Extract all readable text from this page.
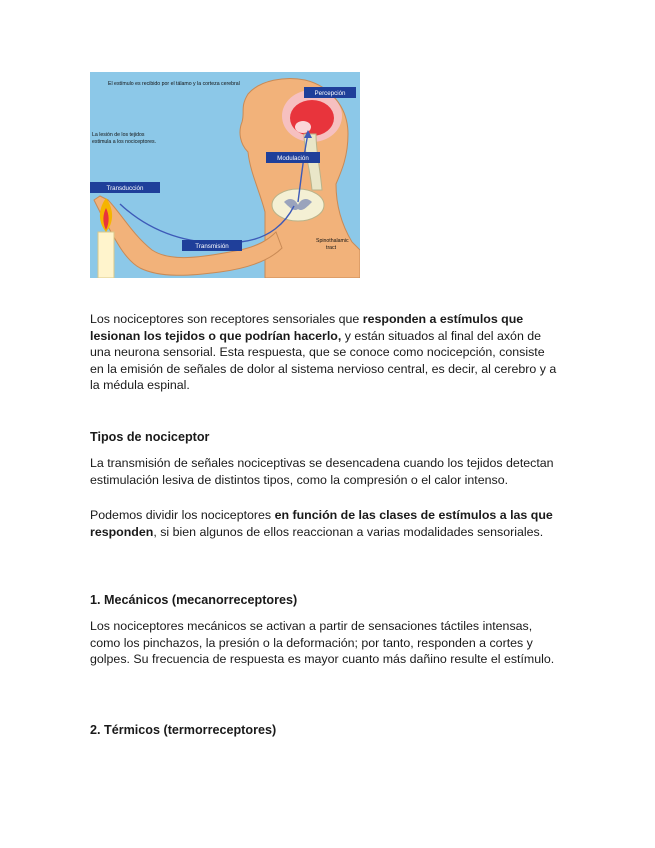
El estímulo es recibido por el tálamo y la corteza cerebral
La lesión de los tejidos
estimula a los nociceptores.
Percepción
Modulación
Transducción
Transmisión
Spinothalamic
tract

Los nociceptores son receptores sensoriales que responden a estímulos que lesionan los tejidos o que podrían hacerlo, y están situados al final del axón de una neurona sensorial. Esta respuesta, que se conoce como nocicepción, consiste en la emisión de señales de dolor al sistema nervioso central, es decir, al cerebro y a la médula espinal.

Tipos de nociceptor

La transmisión de señales nociceptivas se desencadena cuando los tejidos detectan estimulación lesiva de distintos tipos, como la compresión o el calor intenso.

Podemos dividir los nociceptores en función de las clases de estímulos a las que responden, si bien algunos de ellos reaccionan a varias modalidades sensoriales.

1. Mecánicos (mecanorreceptores)

Los nociceptores mecánicos se activan a partir de sensaciones táctiles intensas, como los pinchazos, la presión o la deformación; por tanto, responden a cortes y golpes. Su frecuencia de respuesta es mayor cuanto más dañino resulte el estímulo.

2. Térmicos (termorreceptores)
